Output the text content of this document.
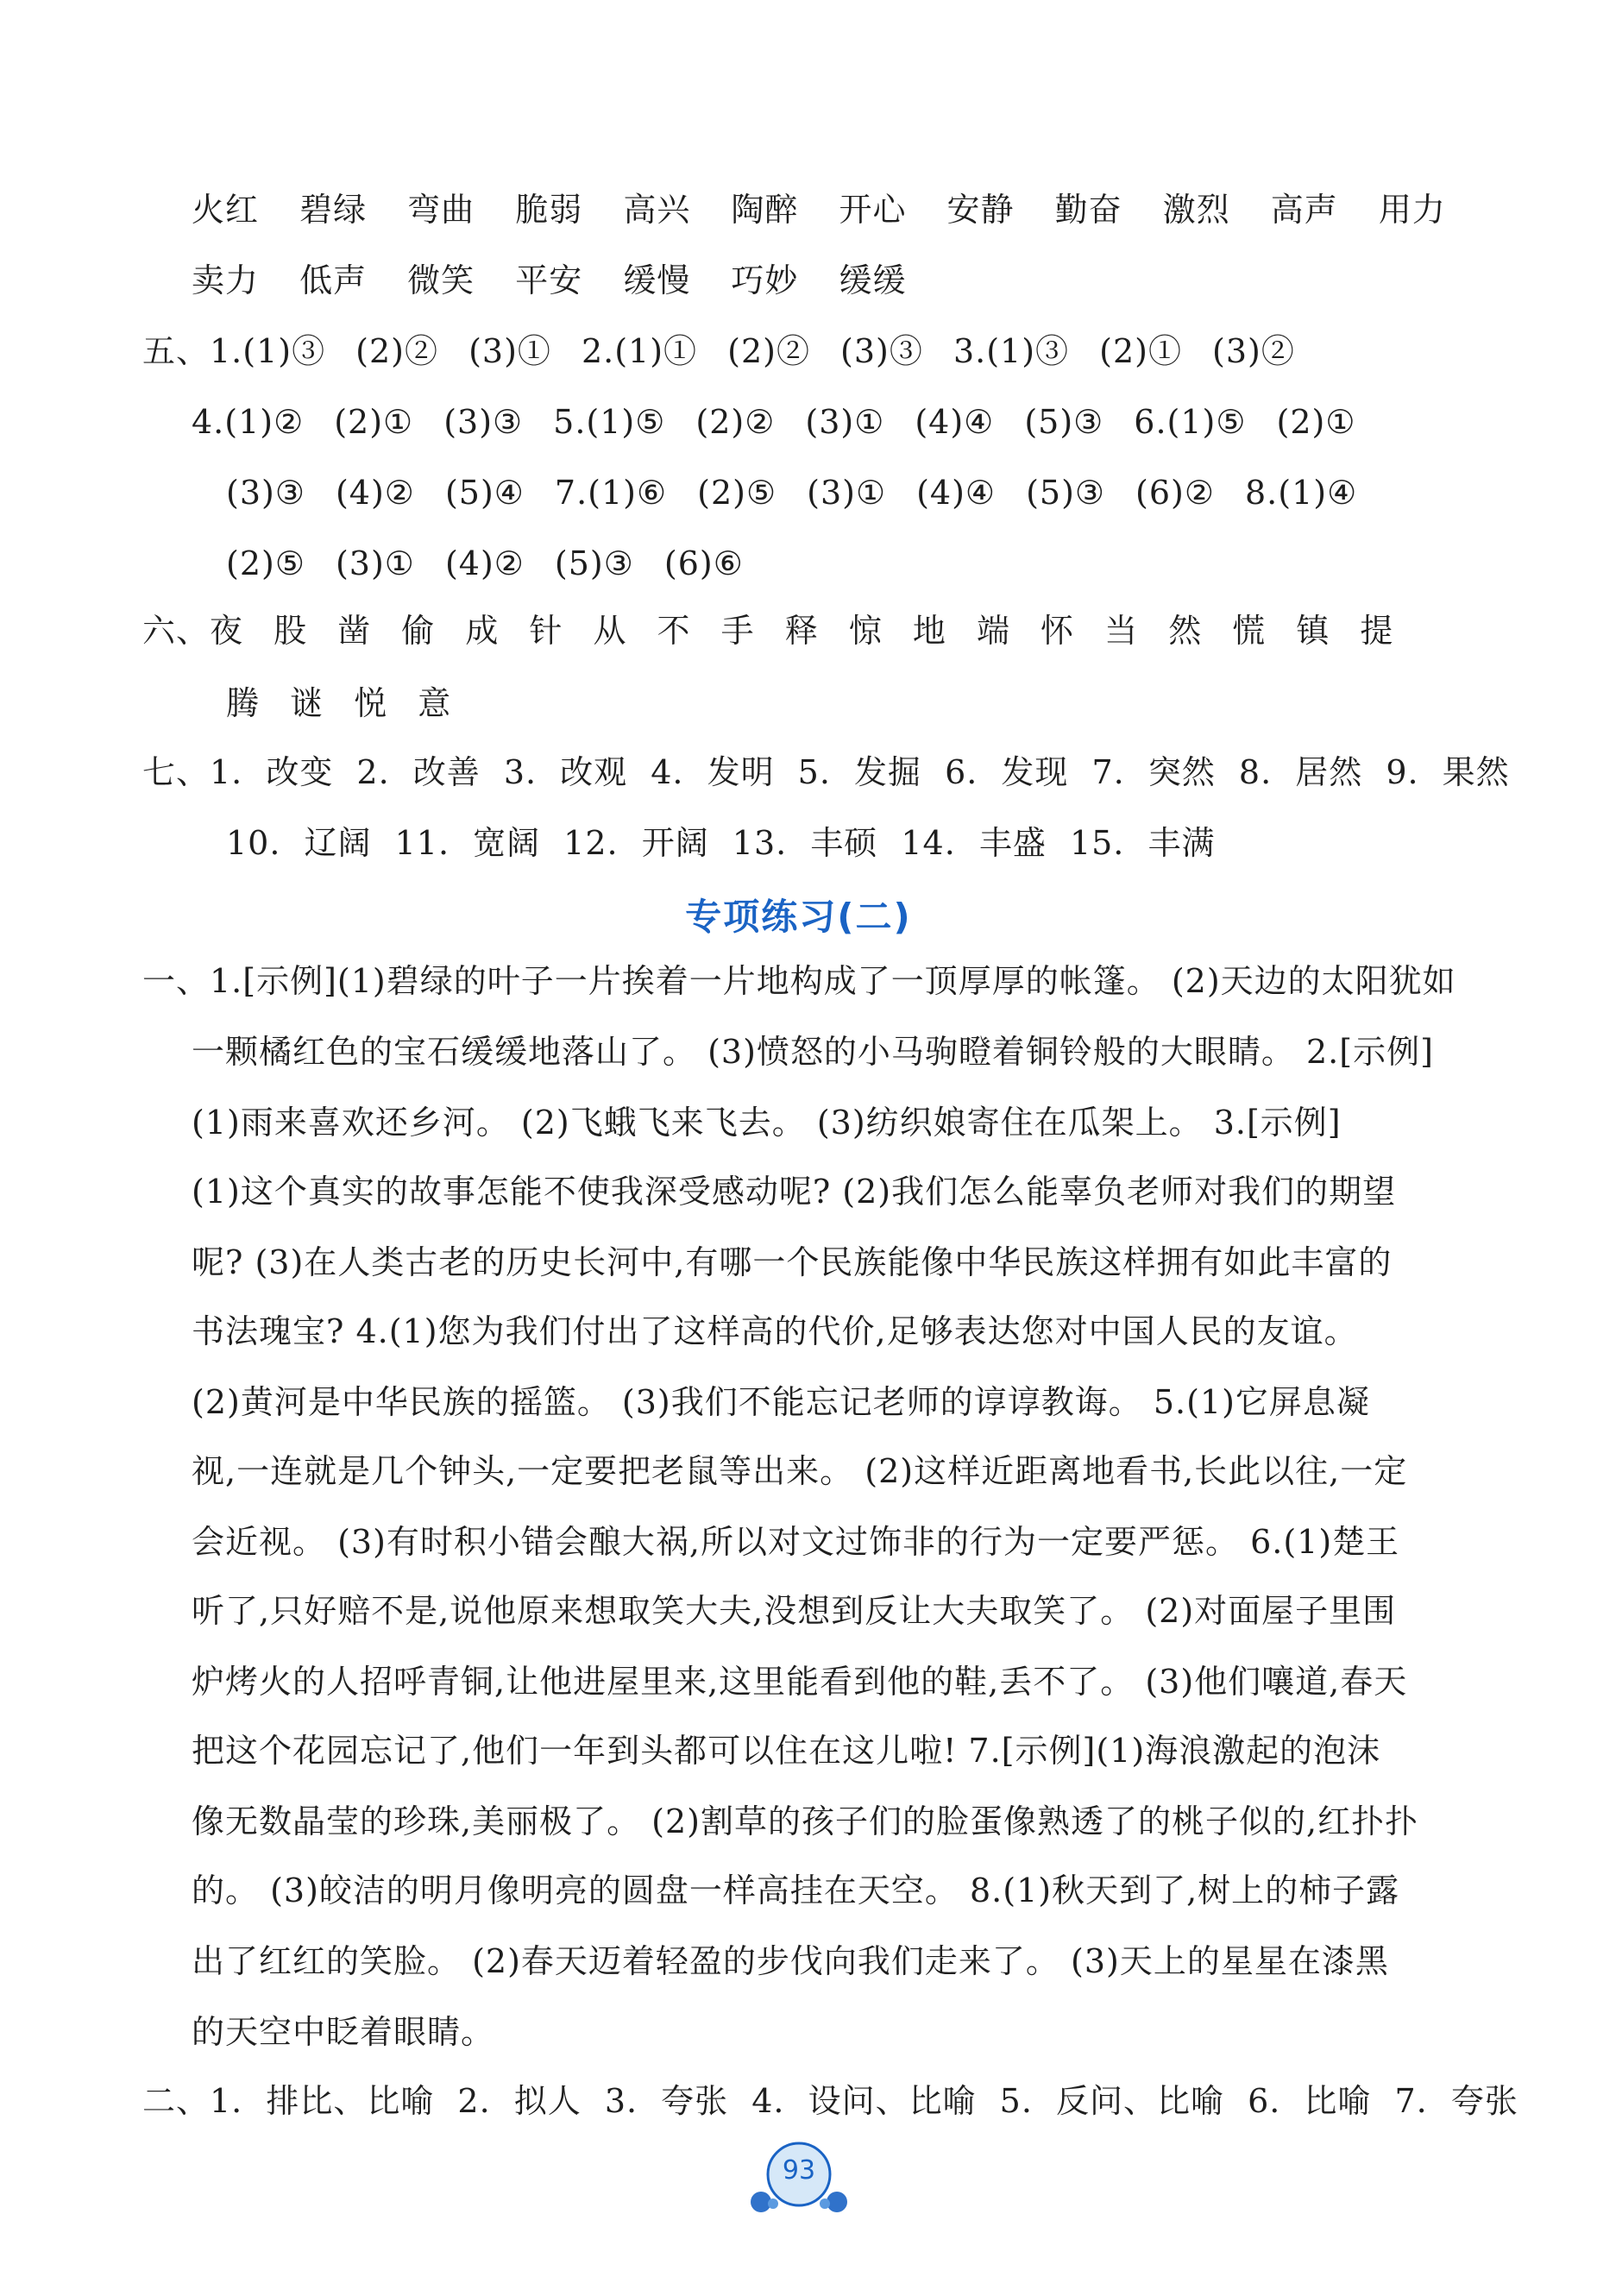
火红 碧绿 弯曲 脆弱 高兴 陶醉 开心 安静 勤奋 激烈 高声 用力
卖力 低声 微笑 平安 缓慢 巧妙 缓缓
五、1.(1)③ (2)② (3)① 2.(1)① (2)② (3)③ 3.(1)③ (2)① (3)②
4.(1)② (2)① (3)③ 5.(1)⑤ (2)② (3)① (4)④ (5)③ 6.(1)⑤ (2)①
(3)③ (4)② (5)④ 7.(1)⑥ (2)⑤ (3)① (4)④ (5)③ (6)② 8.(1)④
(2)⑤ (3)① (4)② (5)③ (6)⑥
六、夜 股 凿 偷 成 针 从 不 手 释 惊 地 端 怀 当 然 慌 镇 提
腾 谜 悦 意
七、1. 改变 2. 改善 3. 改观 4. 发明 5. 发掘 6. 发现 7. 突然 8. 居然 9. 果然
10. 辽阔 11. 宽阔 12. 开阔 13. 丰硕 14. 丰盛 15. 丰满
专项练习(二)
一、1.[示例](1)碧绿的叶子一片挨着一片地构成了一顶厚厚的帐篷。 (2)天边的太阳犹如
一颗橘红色的宝石缓缓地落山了。 (3)愤怒的小马驹瞪着铜铃般的大眼睛。 2.[示例]
(1)雨来喜欢还乡河。 (2)飞蛾飞来飞去。 (3)纺织娘寄住在瓜架上。 3.[示例]
(1)这个真实的故事怎能不使我深受感动呢? (2)我们怎么能辜负老师对我们的期望
呢? (3)在人类古老的历史长河中,有哪一个民族能像中华民族这样拥有如此丰富的
书法瑰宝? 4.(1)您为我们付出了这样高的代价,足够表达您对中国人民的友谊。
(2)黄河是中华民族的摇篮。 (3)我们不能忘记老师的谆谆教诲。 5.(1)它屏息凝
视,一连就是几个钟头,一定要把老鼠等出来。 (2)这样近距离地看书,长此以往,一定
会近视。 (3)有时积小错会酿大祸,所以对文过饰非的行为一定要严惩。 6.(1)楚王
听了,只好赔不是,说他原来想取笑大夫,没想到反让大夫取笑了。 (2)对面屋子里围
炉烤火的人招呼青铜,让他进屋里来,这里能看到他的鞋,丢不了。 (3)他们嚷道,春天
把这个花园忘记了,他们一年到头都可以住在这儿啦! 7.[示例](1)海浪激起的泡沫
像无数晶莹的珍珠,美丽极了。 (2)割草的孩子们的脸蛋像熟透了的桃子似的,红扑扑
的。 (3)皎洁的明月像明亮的圆盘一样高挂在天空。 8.(1)秋天到了,树上的柿子露
出了红红的笑脸。 (2)春天迈着轻盈的步伐向我们走来了。 (3)天上的星星在漆黑
的天空中眨着眼睛。
二、1. 排比、比喻 2. 拟人 3. 夸张 4. 设问、比喻 5. 反问、比喻 6. 比喻 7. 夸张
93
